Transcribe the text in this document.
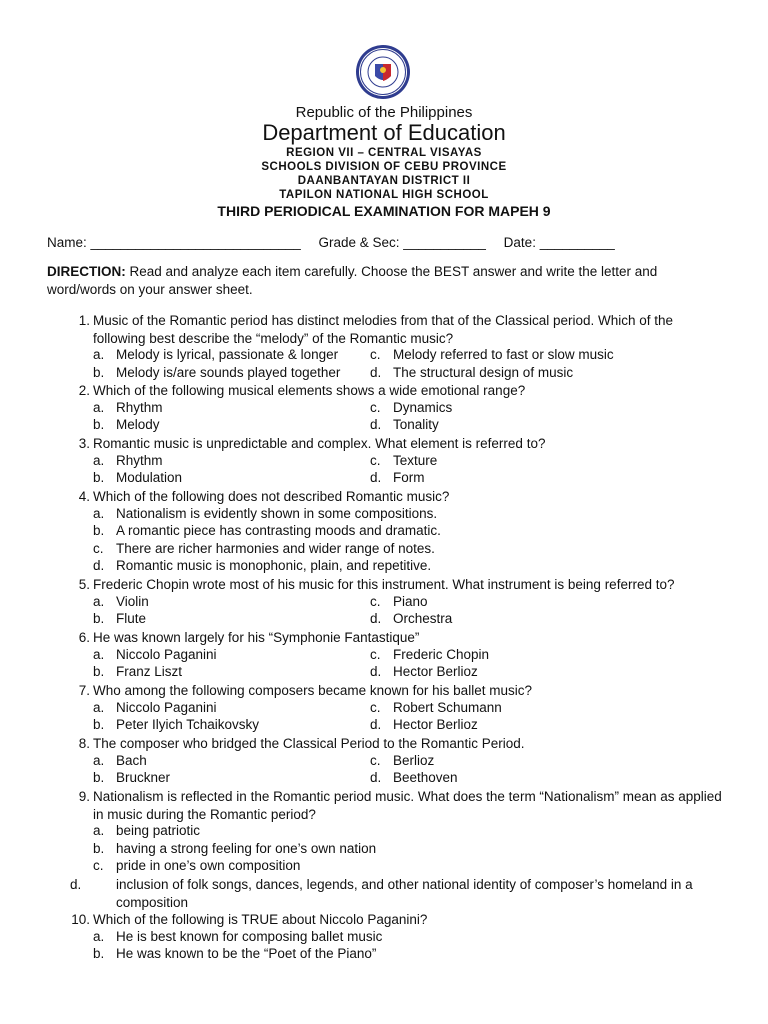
Republic of the Philippines
Department of Education
REGION VII – CENTRAL VISAYAS
SCHOOLS DIVISION OF CEBU PROVINCE
DAANBANTAYAN DISTRICT II
TAPILON NATIONAL HIGH SCHOOL
THIRD PERIODICAL EXAMINATION FOR MAPEH 9
Name: ____________________________ Grade & Sec: ___________ Date: __________
DIRECTION: Read and analyze each item carefully. Choose the BEST answer and write the letter and word/words on your answer sheet.
1. Music of the Romantic period has distinct melodies from that of the Classical period. Which of the following best describe the “melody” of the Romantic music?
a. Melody is lyrical, passionate & longer c. Melody referred to fast or slow music
b. Melody is/are sounds played together d. The structural design of music
2. Which of the following musical elements shows a wide emotional range?
a. Rhythm	c. Dynamics
b. Melody	d. Tonality
3. Romantic music is unpredictable and complex. What element is referred to?
a. Rhythm	c. Texture
b. Modulation	d. Form
4. Which of the following does not described Romantic music?
a. Nationalism is evidently shown in some compositions.
b. A romantic piece has contrasting moods and dramatic.
c. There are richer harmonies and wider range of notes.
d. Romantic music is monophonic, plain, and repetitive.
5. Frederic Chopin wrote most of his music for this instrument. What instrument is being referred to?
a. Violin	c. Piano
b. Flute	d. Orchestra
6. He was known largely for his “Symphonie Fantastique”
a. Niccolo Paganini	c. Frederic Chopin
b. Franz Liszt	d. Hector Berlioz
7. Who among the following composers became known for his ballet music?
a. Niccolo Paganini	c. Robert Schumann
b. Peter Ilyich Tchaikovsky	d. Hector Berlioz
8. The composer who bridged the Classical Period to the Romantic Period.
a. Bach	c. Berlioz
b. Bruckner	d. Beethoven
9. Nationalism is reflected in the Romantic period music. What does the term “Nationalism” mean as applied in music during the Romantic period?
a. being patriotic
b. having a strong feeling for one’s own nation
c. pride in one’s own composition
d.	inclusion of folk songs, dances, legends, and other national identity of composer’s homeland in a composition
10. Which of the following is TRUE about Niccolo Paganini?
a. He is best known for composing ballet music
b. He was known to be the “Poet of the Piano”
